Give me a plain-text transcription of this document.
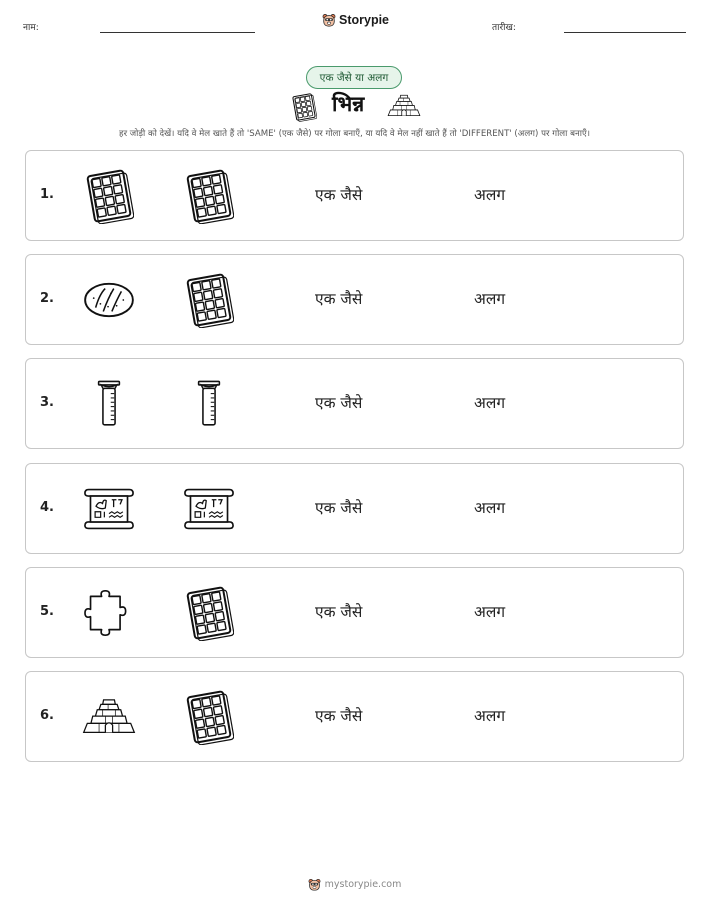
नाम:
Storypie
तारीख:
एक जैसे या अलग
भिन्न
हर जोड़ी को देखें। यदि वे मेल खाते हैं तो 'SAME' (एक जैसे) पर गोला बनाएँ, या यदि वे मेल नहीं खाते हैं तो 'DIFFERENT' (अलग) पर गोला बनाएँ।
1.	एक जैसे	अलग
2.	एक जैसे	अलग
3.	एक जैसे	अलग
4.	एक जैसे	अलग
5.	एक जैसे	अलग
6.	एक जैसे	अलग
mystorypie.com
